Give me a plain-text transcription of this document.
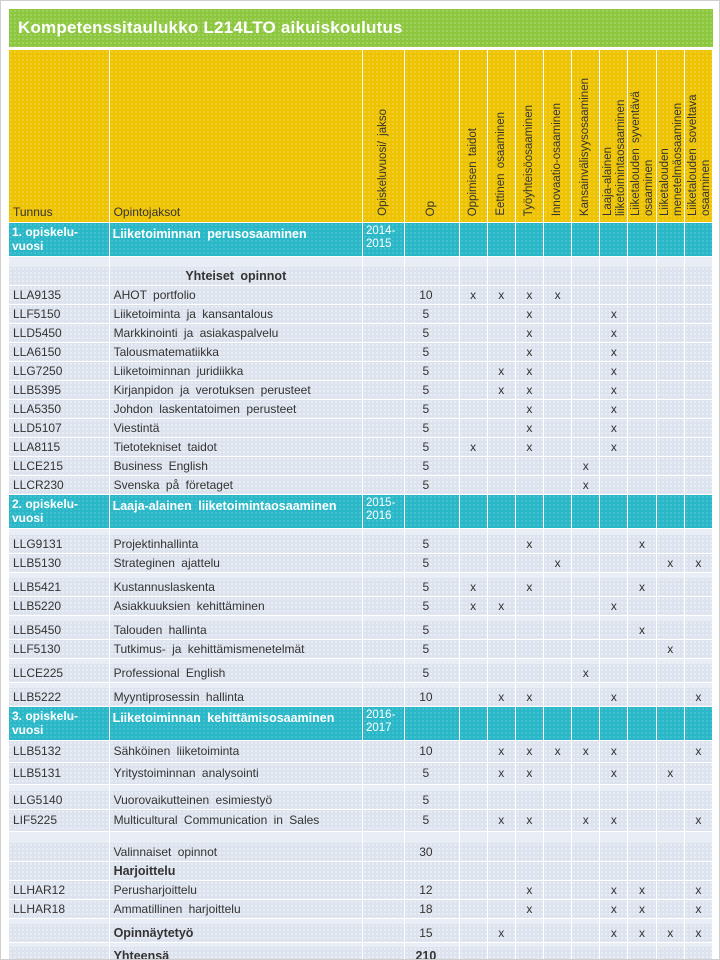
Kompetenssitaulukko L214LTO aikuiskoulutus
Tunnus	Opintojaksot	Opiskeluvuosi/ jakso	Op	Oppimisen taidot	Eettinen osaaminen	Työyhteisöosaaminen	Innovaatio-osaaminen	Kansainvälisyysosaaminen	Laaja-alainen liiketoimintaosaaminen	Liiketalouden syventävä osaaminen	Liiketalouden menetelmäosaaminen	Liiketalouden soveltava osaaminen
1. opiskelu-vuosi	Liiketoiminnan perusosaaminen	2014-2015										

	Yhteiset opinnot											
LLA9135	AHOT portfolio		10	x	x	x	x					
LLF5150	Liiketoiminta ja kansantalous		5			x			x			
LLD5450	Markkinointi ja asiakaspalvelu		5			x			x			
LLA6150	Talousmatematiikka		5			x			x			
LLG7250	Liiketoiminnan juridiikka		5		x	x			x			
LLB5395	Kirjanpidon ja verotuksen perusteet		5		x	x			x			
LLA5350	Johdon laskentatoimen perusteet		5			x			x			
LLD5107	Viestintä		5			x			x			
LLA8115	Tietotekniset taidot		5	x		x			x			
LLCE215	Business English		5					x				
LLCR230	Svenska på företaget		5					x				
2. opiskelu-vuosi	Laaja-alainen liiketoimintaosaaminen	2015-2016										

LLG9131	Projektinhallinta		5			x				x		
LLB5130	Strateginen ajattelu		5				x				x	x

LLB5421	Kustannuslaskenta		5	x		x				x		
LLB5220	Asiakkuuksien kehittäminen		5	x	x				x			

LLB5450	Talouden hallinta		5							x		
LLF5130	Tutkimus- ja kehittämismenetelmät		5								x	

LLCE225	Professional English		5					x				

LLB5222	Myyntiprosessin hallinta		10		x	x			x			x
3. opiskelu-vuosi	Liiketoiminnan kehittämisosaaminen	2016-2017										
LLB5132	Sähköinen liiketoiminta		10		x	x	x	x	x			x
LLB5131	Yritystoiminnan analysointi		5		x	x			x		x	

LLG5140	Vuorovaikutteinen esimiestyö		5									
LIF5225	Multicultural Communication in Sales		5		x	x		x	x			x

	Valinnaiset opinnot		30									
	Harjoittelu											
LLHAR12	Perusharjoittelu		12			x			x	x		x
LLHAR18	Ammatillinen harjoittelu		18			x			x	x		x

	Opinnäytetyö		15		x				x	x	x	x

	Yhteensä		210									
